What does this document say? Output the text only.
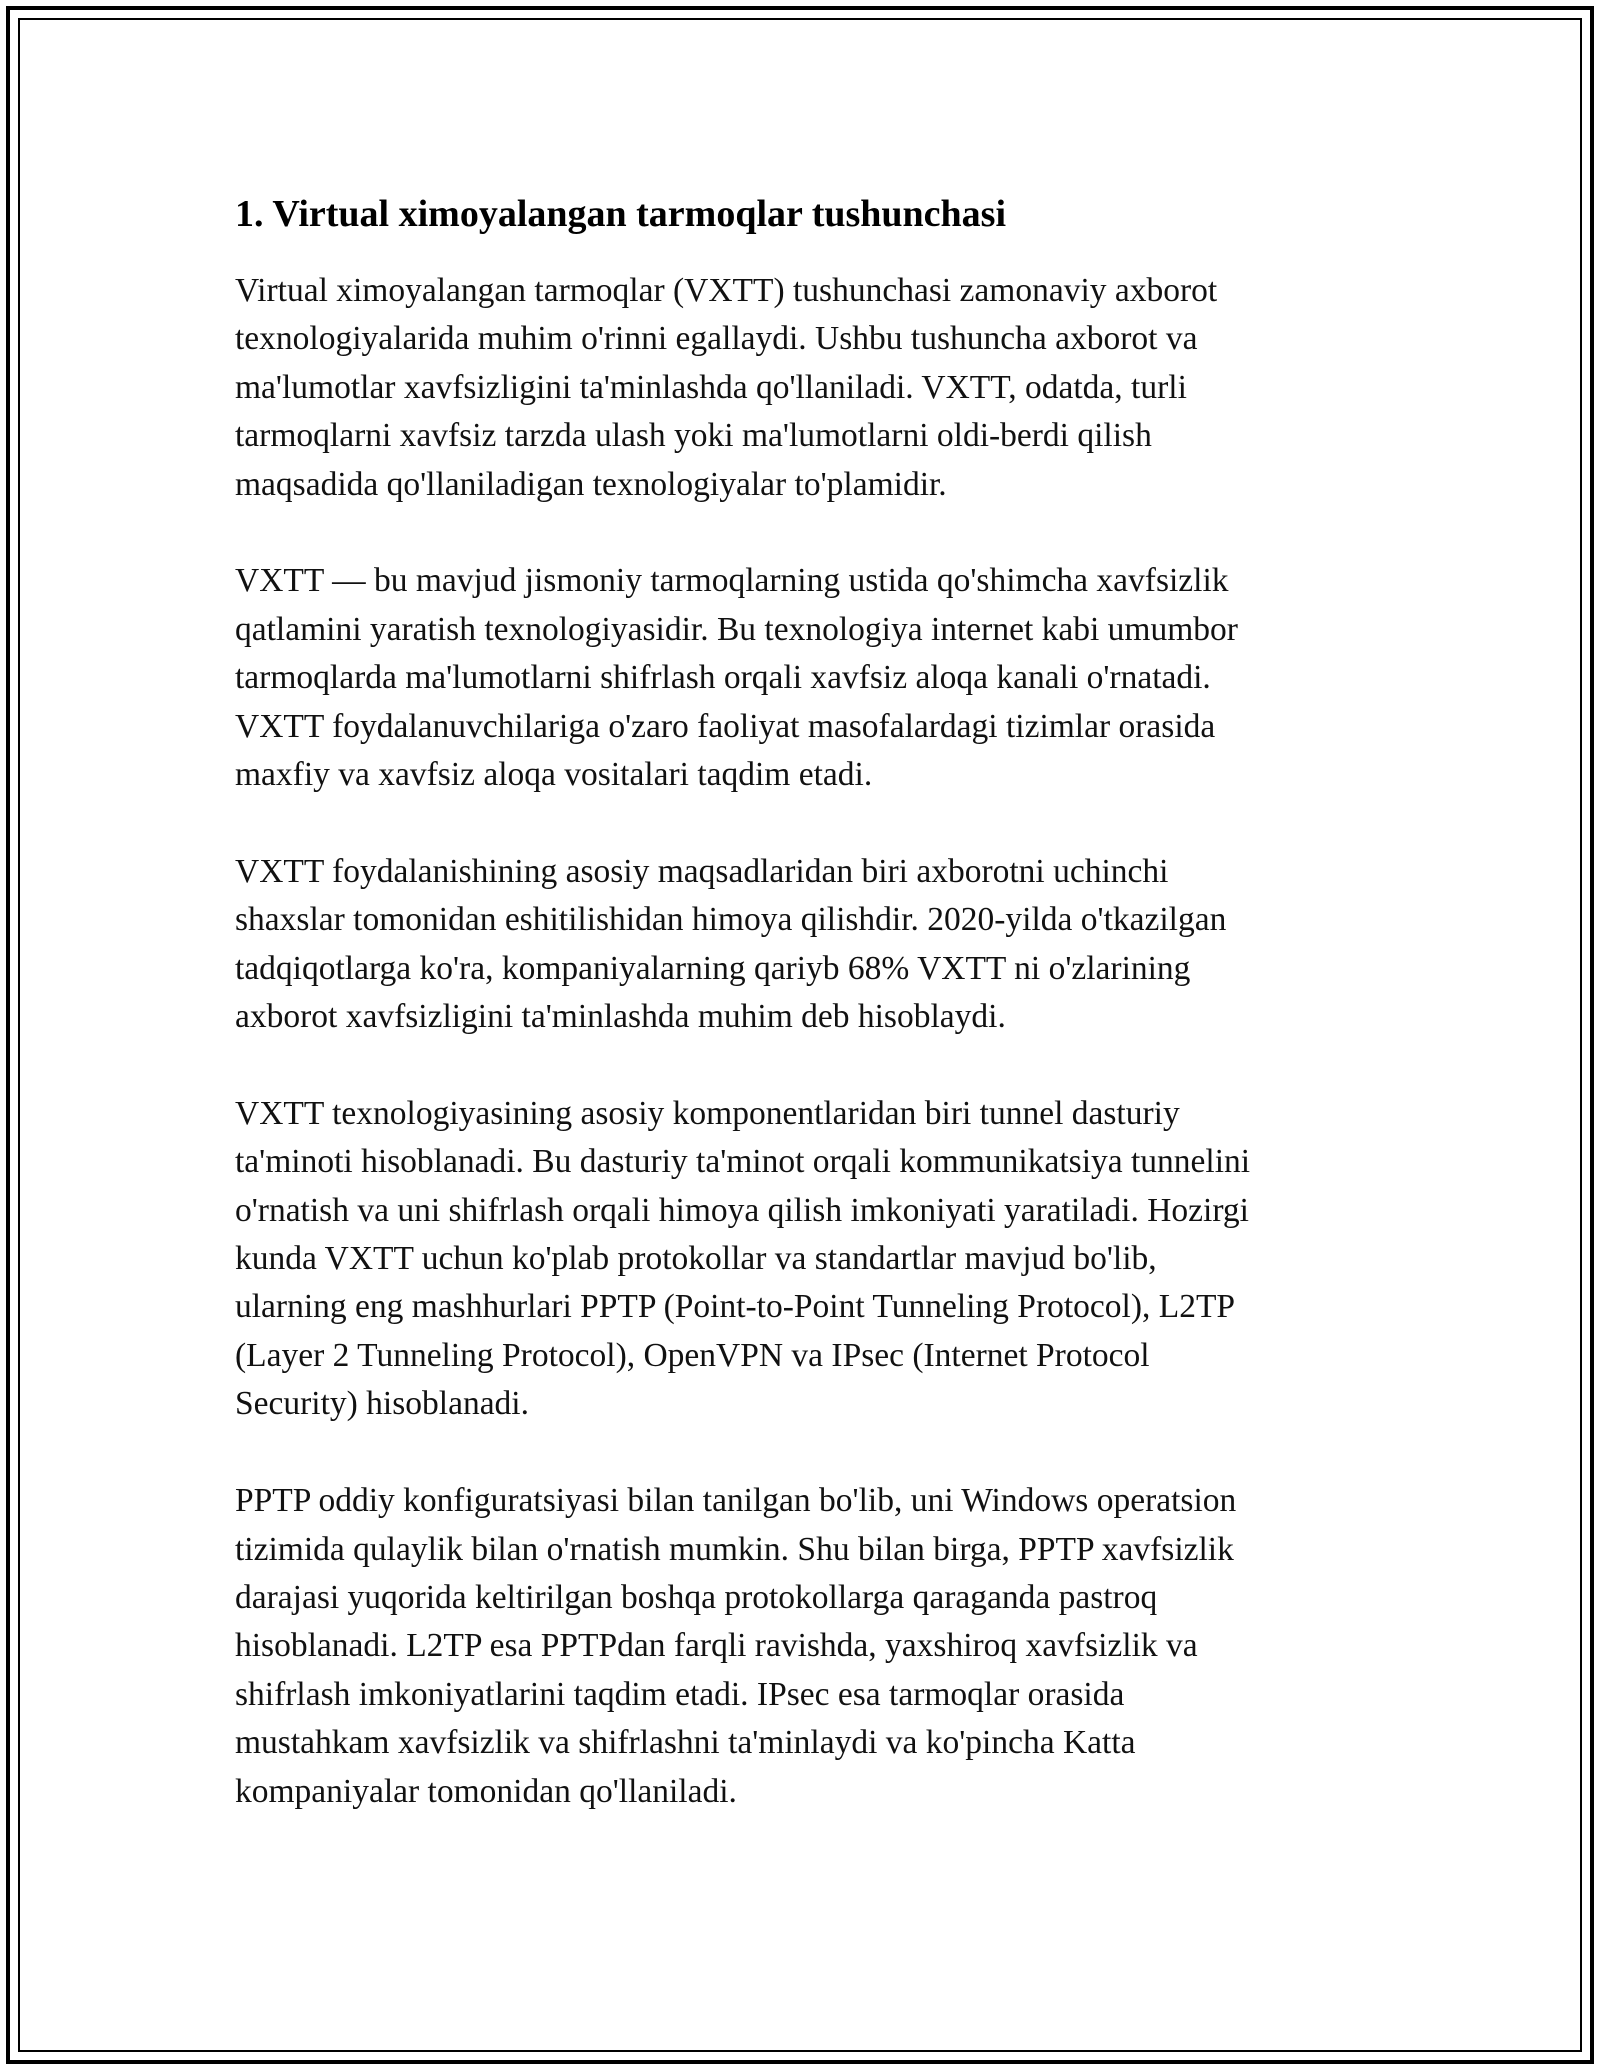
1. Virtual ximoyalangan tarmoqlar tushunchasi

Virtual ximoyalangan tarmoqlar (VXTT) tushunchasi zamonaviy axborot
texnologiyalarida muhim o'rinni egallaydi. Ushbu tushuncha axborot va
ma'lumotlar xavfsizligini ta'minlashda qo'llaniladi. VXTT, odatda, turli
tarmoqlarni xavfsiz tarzda ulash yoki ma'lumotlarni oldi-berdi qilish
maqsadida qo'llaniladigan texnologiyalar to'plamidir.

VXTT — bu mavjud jismoniy tarmoqlarning ustida qo'shimcha xavfsizlik
qatlamini yaratish texnologiyasidir. Bu texnologiya internet kabi umumbor
tarmoqlarda ma'lumotlarni shifrlash orqali xavfsiz aloqa kanali o'rnatadi.
VXTT foydalanuvchilariga o'zaro faoliyat masofalardagi tizimlar orasida
maxfiy va xavfsiz aloqa vositalari taqdim etadi.

VXTT foydalanishining asosiy maqsadlaridan biri axborotni uchinchi
shaxslar tomonidan eshitilishidan himoya qilishdir. 2020-yilda o'tkazilgan
tadqiqotlarga ko'ra, kompaniyalarning qariyb 68% VXTT ni o'zlarining
axborot xavfsizligini ta'minlashda muhim deb hisoblaydi.

VXTT texnologiyasining asosiy komponentlaridan biri tunnel dasturiy
ta'minoti hisoblanadi. Bu dasturiy ta'minot orqali kommunikatsiya tunnelini
o'rnatish va uni shifrlash orqali himoya qilish imkoniyati yaratiladi. Hozirgi
kunda VXTT uchun ko'plab protokollar va standartlar mavjud bo'lib,
ularning eng mashhurlari PPTP (Point-to-Point Tunneling Protocol), L2TP
(Layer 2 Tunneling Protocol), OpenVPN va IPsec (Internet Protocol
Security) hisoblanadi.

PPTP oddiy konfiguratsiyasi bilan tanilgan bo'lib, uni Windows operatsion
tizimida qulaylik bilan o'rnatish mumkin. Shu bilan birga, PPTP xavfsizlik
darajasi yuqorida keltirilgan boshqa protokollarga qaraganda pastroq
hisoblanadi. L2TP esa PPTPdan farqli ravishda, yaxshiroq xavfsizlik va
shifrlash imkoniyatlarini taqdim etadi. IPsec esa tarmoqlar orasida
mustahkam xavfsizlik va shifrlashni ta'minlaydi va ko'pincha Katta
kompaniyalar tomonidan qo'llaniladi.
